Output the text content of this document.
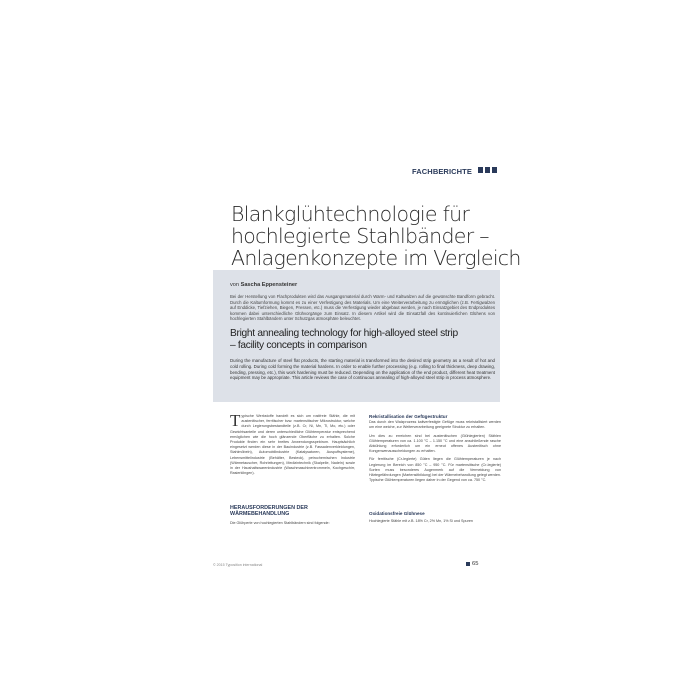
FACHBERICHTE
Blankglühtechnologie für
hochlegierte Stahlbänder –
Anlagenkonzepte im Vergleich
von Sascha Eppensteiner
Bei der Herstellung von Flachprodukten wird das Ausgangsmaterial durch Warm- und Kaltwalzen auf die gewünschte Bandform gebracht. Durch die Kaltumformung kommt es zu einer Verfestigung des Materials. Um eine Weiterverarbeitung zu ermöglichen (z.B. Fertigwalzen auf Enddicke, Tiefziehen, Biegen, Pressen, etc.) muss die Verfestigung wieder abgebaut werden, je nach Einsatzgebiet des Endproduktes kommen dabei unterschiedliche Glühvorgänge zum Einsatz. In diesem Artikel wird die Einsatzfall des kontinuierlichen Glühens von hochlegierten Stahlbändern unter Schutzgas atmosphäre beleuchtet.
Bright annealing technology for high-alloyed steel strip
– facility concepts in comparison
During the manufacture of steel flat products, the starting material is transformed into the desired strip geometry as a result of hot and cold rolling. During cold forming the material hardens. In order to enable further processing (e.g. rolling to final thickness, deep drawing, bending, pressing, etc.), this work hardening must be reduced. Depending on the application of the end product, different heat treatment equipment may be appropriate. This article reviews the case of continuous annealing of high-alloyed steel strip in process atmosphere.
T ypische Werkstoffe handelt es sich um rostfreie Stähle, die mit austenitischer, ferritischer bzw. martensitischer Mikrostruktur, welche durch Legierungsbestandteile (z.B. Cr, Ni, Mn, Ti, Mo, etc.) oder Gewichtsanteile und deren unterschiedliche Glühtemperatur entsprechend ermöglichen wie die hoch glänzende Oberfläche zu erhalten. Solche Produkte finden ein sehr breites Anwendungsspektrum. Hauptsächlich eingesetzt werden diese in der Bauindustrie (z.B. Fassadenverkleidungen, Stahlmöbeln), Automobilindustrie (Katalysatoren, Auspuffsysteme), Lebensmittelindustrie (Behälter, Besteck), petrochemischen Industrie (Wärmetauscher, Rohrleitungen), Medizintechnik (Skalpelle, Nadeln) sowie in der Haushaltswarenindustrie (Waschmaschinentrommeln, Kochgeschirr, Rasierklingen).
HERAUSFORDERUNGEN DER
WÄRMEBEHANDLUNG
Die Glühperle von hochlegierten Stahlbändern sind folgende:
Rekristallisation der Gefügestruktur

Das durch den Walzprozess kaltverfestigte Gefüge muss rekristallisiert werden um eine weiche, zur Weiterverarbeitung geeignete Struktur zu erhalten.

Um dies zu erreichen sind bei austenitischen (Glühlegierten) Stählen Glühtemperaturen von ca. 1.100 °C – 1.150 °C und eine anschließende rasche Abkühlung erforderlich um ein erneut offenes Austenitisch ohne Kongenwenausscheidungen zu erhalten.

Für ferritische (Cr-legierte) Güten liegen die Glühtemperaturen je nach Legierung im Bereich von 850 °C – 950 °C. Für martensitische (Cr-legierte) Sorten muss besonderes Augenmerk auf die Vermeidung von Härtegefährdungen (Martensitbildung) bei der Wärmebehandlung gelegt werden. Typische Glühtemperaturen liegen daher in der Gegend von ca. 750 °C.

Oxidationsfreie Glühnese
Hochlegierte Stähle mit z.B. 18% Cr, 2% Mn, 1% Si und Spuren
© 2015 Typosition international	65
